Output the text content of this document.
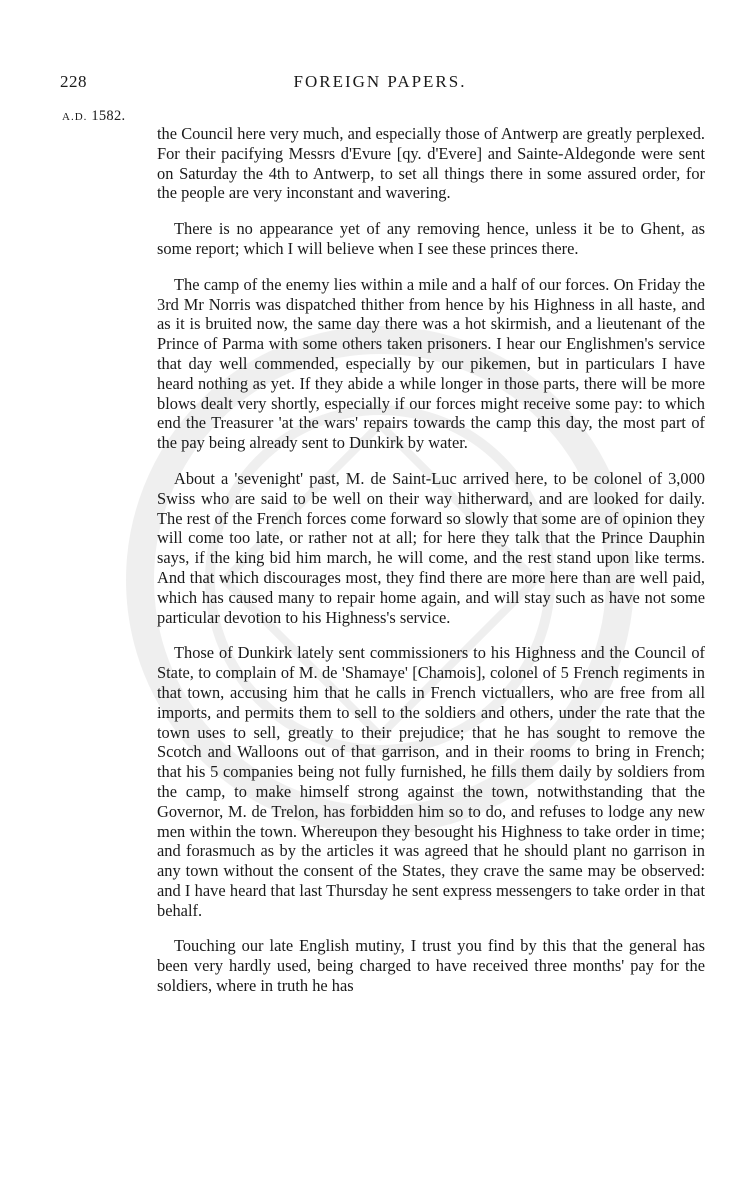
228	FOREIGN PAPERS.
A.D. 1582.

the Council here very much, and especially those of Antwerp are greatly perplexed. For their pacifying Messrs d'Evure [qy. d'Evere] and Sainte-Aldegonde were sent on Saturday the 4th to Antwerp, to set all things there in some assured order, for the people are very inconstant and wavering.

There is no appearance yet of any removing hence, unless it be to Ghent, as some report; which I will believe when I see these princes there.

The camp of the enemy lies within a mile and a half of our forces. On Friday the 3rd Mr Norris was dispatched thither from hence by his Highness in all haste, and as it is bruited now, the same day there was a hot skirmish, and a lieutenant of the Prince of Parma with some others taken prisoners. I hear our Englishmen's service that day well commended, especially by our pikemen, but in particulars I have heard nothing as yet. If they abide a while longer in those parts, there will be more blows dealt very shortly, especially if our forces might receive some pay: to which end the Treasurer 'at the wars' repairs towards the camp this day, the most part of the pay being already sent to Dunkirk by water.

About a 'sevenight' past, M. de Saint-Luc arrived here, to be colonel of 3,000 Swiss who are said to be well on their way hitherward, and are looked for daily. The rest of the French forces come forward so slowly that some are of opinion they will come too late, or rather not at all; for here they talk that the Prince Dauphin says, if the king bid him march, he will come, and the rest stand upon like terms. And that which discourages most, they find there are more here than are well paid, which has caused many to repair home again, and will stay such as have not some particular devotion to his Highness's service.

Those of Dunkirk lately sent commissioners to his Highness and the Council of State, to complain of M. de 'Shamaye' [Chamois], colonel of 5 French regiments in that town, accusing him that he calls in French victuallers, who are free from all imports, and permits them to sell to the soldiers and others, under the rate that the town uses to sell, greatly to their prejudice; that he has sought to remove the Scotch and Walloons out of that garrison, and in their rooms to bring in French; that his 5 companies being not fully furnished, he fills them daily by soldiers from the camp, to make himself strong against the town, notwithstanding that the Governor, M. de Trelon, has forbidden him so to do, and refuses to lodge any new men within the town. Whereupon they besought his Highness to take order in time; and forasmuch as by the articles it was agreed that he should plant no garrison in any town without the consent of the States, they crave the same may be observed: and I have heard that last Thursday he sent express messengers to take order in that behalf.

Touching our late English mutiny, I trust you find by this that the general has been very hardly used, being charged to have received three months' pay for the soldiers, where in truth he has
